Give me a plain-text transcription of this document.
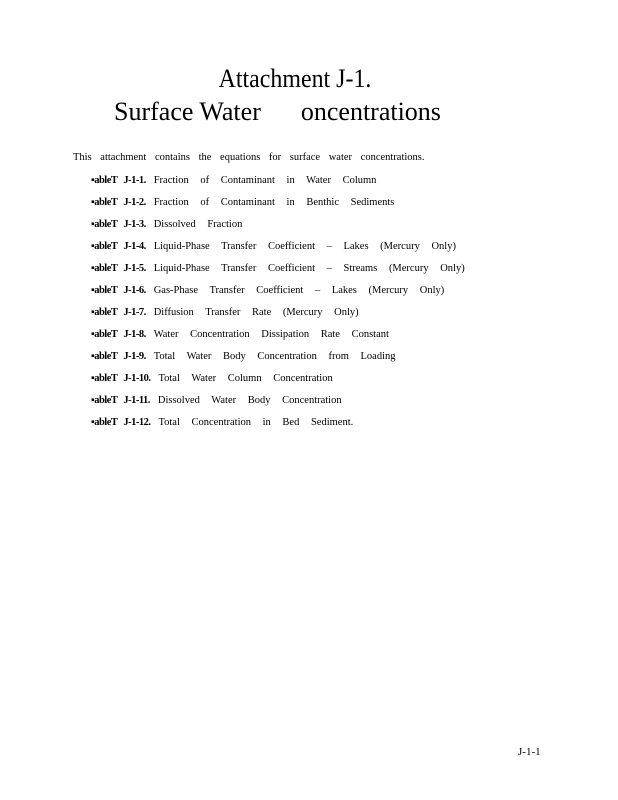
Attachment J-1.
Surface Water oncentrations
This attachment contains the equations for surface water concentrations.
▪ableT J-1-1. Fraction of Contaminant in Water Column
▪ableT J-1-2. Fraction of Contaminant in Benthic Sediments
▪ableT J-1-3. Dissolved Fraction
▪ableT J-1-4. Liquid-Phase Transfer Coefficient – Lakes (Mercury Only)
▪ableT J-1-5. Liquid-Phase Transfer Coefficient – Streams (Mercury Only)
▪ableT J-1-6. Gas-Phase Transfer Coefficient – Lakes (Mercury Only)
▪ableT J-1-7. Diffusion Transfer Rate (Mercury Only)
▪ableT J-1-8. Water Concentration Dissipation Rate Constant
▪ableT J-1-9. Total Water Body Concentration from Loading
▪ableT J-1-10. Total Water Column Concentration
▪ableT J-1-11. Dissolved Water Body Concentration
▪ableT J-1-12. Total Concentration in Bed Sediment.
J-1-1
